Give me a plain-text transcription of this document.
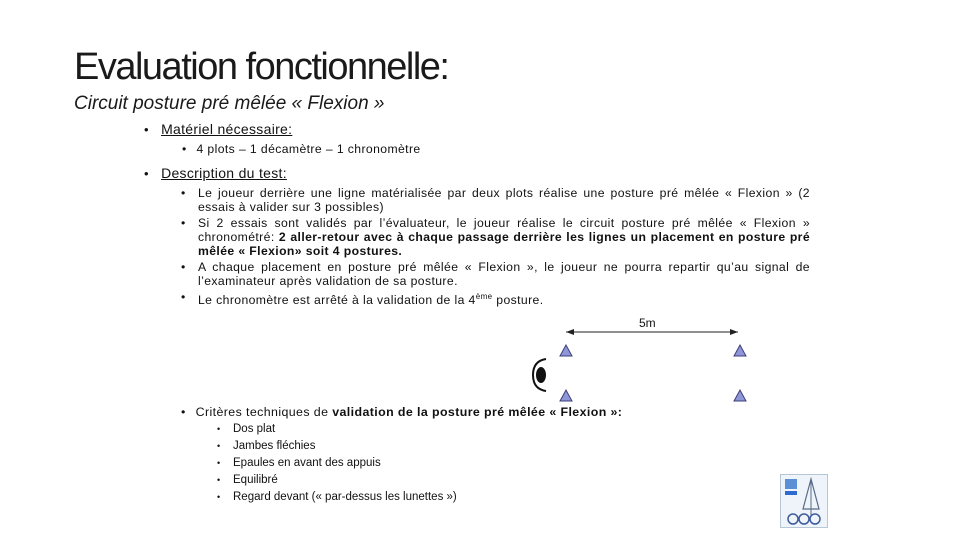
Evaluation fonctionnelle:
Circuit posture pré mêlée « Flexion »
• Matériel nécessaire:
• 4 plots – 1 décamètre – 1 chronomètre
• Description du test:
• Le joueur derrière une ligne matérialisée par deux plots réalise une posture pré mêlée « Flexion » (2 essais à valider sur 3 possibles)
• Si 2 essais sont validés par l’évaluateur, le joueur réalise le circuit posture pré mêlée « Flexion » chronométré: 2 aller-retour avec à chaque passage derrière les lignes un placement en posture pré mêlée « Flexion» soit 4 postures.
• A chaque placement en posture pré mêlée « Flexion », le joueur ne pourra repartir qu’au signal de l’examinateur après validation de sa posture.
• Le chronomètre est arrêté à la validation de la 4ème posture.
5m
• Critères techniques de validation de la posture pré mêlée « Flexion »:
• Dos plat
• Jambes fléchies
• Epaules en avant des appuis
• Equilibré
• Regard devant (« par-dessus les lunettes »)
